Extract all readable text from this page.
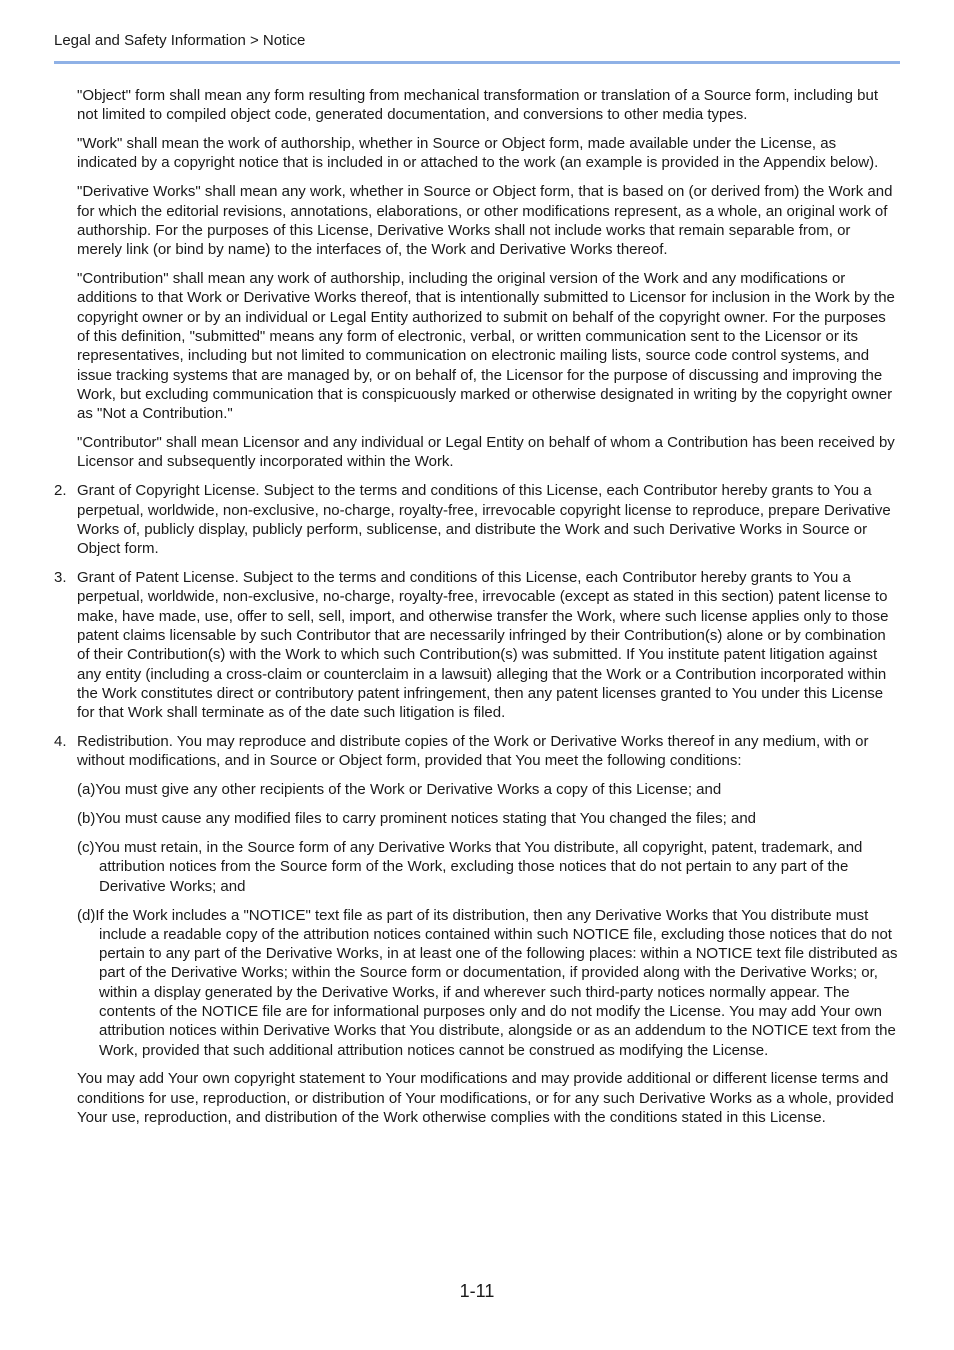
Legal and Safety Information > Notice

"Object" form shall mean any form resulting from mechanical transformation or translation of a Source form, including but not limited to compiled object code, generated documentation, and conversions to other media types.

"Work" shall mean the work of authorship, whether in Source or Object form, made available under the License, as indicated by a copyright notice that is included in or attached to the work (an example is provided in the Appendix below).

"Derivative Works" shall mean any work, whether in Source or Object form, that is based on (or derived from) the Work and for which the editorial revisions, annotations, elaborations, or other modifications represent, as a whole, an original work of authorship. For the purposes of this License, Derivative Works shall not include works that remain separable from, or merely link (or bind by name) to the interfaces of, the Work and Derivative Works thereof.

"Contribution" shall mean any work of authorship, including the original version of the Work and any modifications or additions to that Work or Derivative Works thereof, that is intentionally submitted to Licensor for inclusion in the Work by the copyright owner or by an individual or Legal Entity authorized to submit on behalf of the copyright owner. For the purposes of this definition, "submitted" means any form of electronic, verbal, or written communication sent to the Licensor or its representatives, including but not limited to communication on electronic mailing lists, source code control systems, and issue tracking systems that are managed by, or on behalf of, the Licensor for the purpose of discussing and improving the Work, but excluding communication that is conspicuously marked or otherwise designated in writing by the copyright owner as "Not a Contribution."

"Contributor" shall mean Licensor and any individual or Legal Entity on behalf of whom a Contribution has been received by Licensor and subsequently incorporated within the Work.

2. Grant of Copyright License. Subject to the terms and conditions of this License, each Contributor hereby grants to You a perpetual, worldwide, non-exclusive, no-charge, royalty-free, irrevocable copyright license to reproduce, prepare Derivative Works of, publicly display, publicly perform, sublicense, and distribute the Work and such Derivative Works in Source or Object form.
3. Grant of Patent License. Subject to the terms and conditions of this License, each Contributor hereby grants to You a perpetual, worldwide, non-exclusive, no-charge, royalty-free, irrevocable (except as stated in this section) patent license to make, have made, use, offer to sell, sell, import, and otherwise transfer the Work, where such license applies only to those patent claims licensable by such Contributor that are necessarily infringed by their Contribution(s) alone or by combination of their Contribution(s) with the Work to which such Contribution(s) was submitted. If You institute patent litigation against any entity (including a cross-claim or counterclaim in a lawsuit) alleging that the Work or a Contribution incorporated within the Work constitutes direct or contributory patent infringement, then any patent licenses granted to You under this License for that Work shall terminate as of the date such litigation is filed.
4. Redistribution. You may reproduce and distribute copies of the Work or Derivative Works thereof in any medium, with or without modifications, and in Source or Object form, provided that You meet the following conditions:

(a)You must give any other recipients of the Work or Derivative Works a copy of this License; and

(b)You must cause any modified files to carry prominent notices stating that You changed the files; and

(c)You must retain, in the Source form of any Derivative Works that You distribute, all copyright, patent, trademark, and attribution notices from the Source form of the Work, excluding those notices that do not pertain to any part of the Derivative Works; and

(d)If the Work includes a "NOTICE" text file as part of its distribution, then any Derivative Works that You distribute must include a readable copy of the attribution notices contained within such NOTICE file, excluding those notices that do not pertain to any part of the Derivative Works, in at least one of the following places: within a NOTICE text file distributed as part of the Derivative Works; within the Source form or documentation, if provided along with the Derivative Works; or, within a display generated by the Derivative Works, if and wherever such third-party notices normally appear. The contents of the NOTICE file are for informational purposes only and do not modify the License. You may add Your own attribution notices within Derivative Works that You distribute, alongside or as an addendum to the NOTICE text from the Work, provided that such additional attribution notices cannot be construed as modifying the License.

You may add Your own copyright statement to Your modifications and may provide additional or different license terms and conditions for use, reproduction, or distribution of Your modifications, or for any such Derivative Works as a whole, provided Your use, reproduction, and distribution of the Work otherwise complies with the conditions stated in this License.

1-11
